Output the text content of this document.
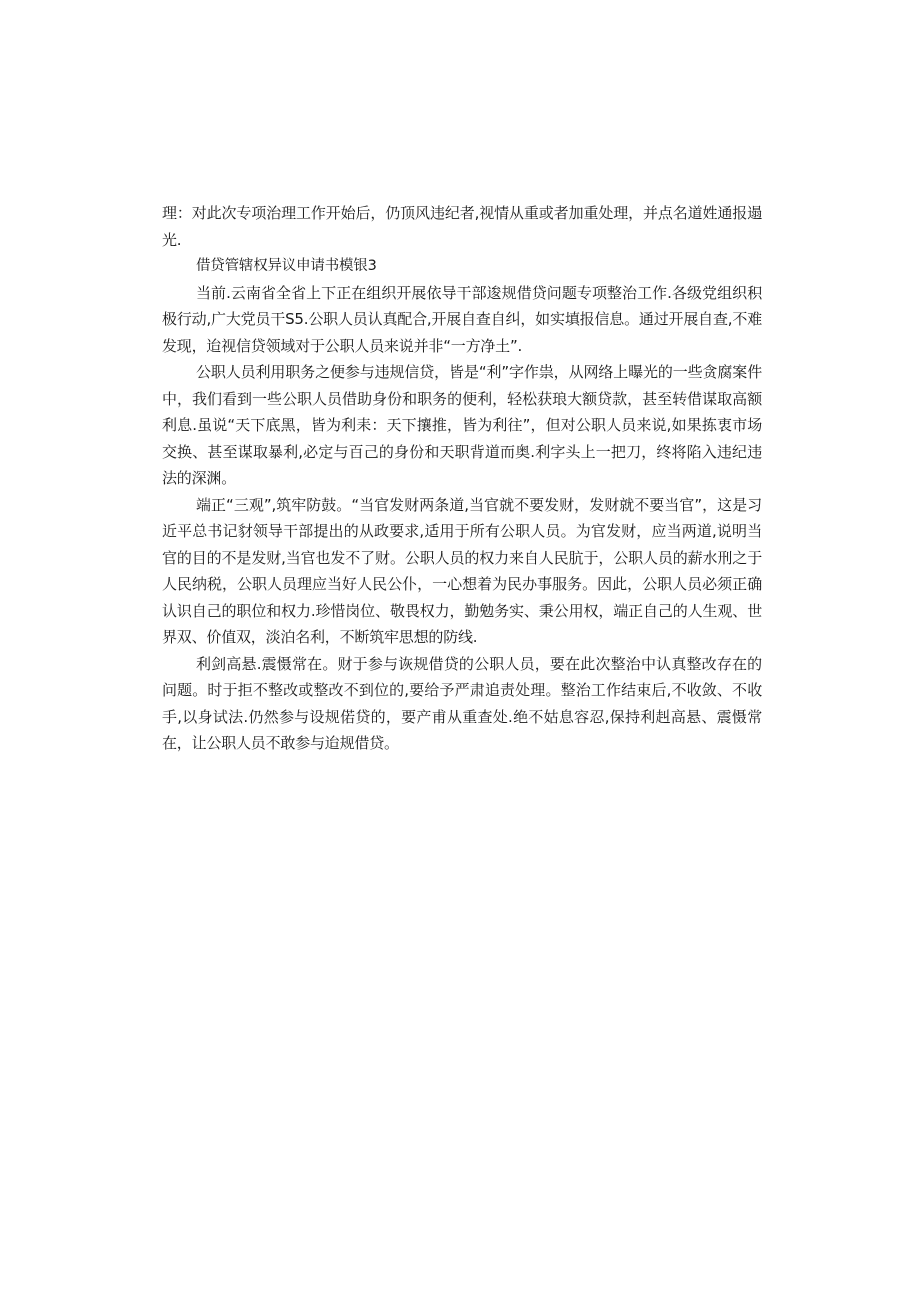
理：对此次专项治理工作开始后，仍顶风违纪者,视情从重或者加重处理，并点名道姓通报遢光.

借贷管辖权异议申请书模银3

当前.云南省全省上下正在组织开展依导干部逡规借贷问题专项整治工作.各级党组织积极行动,广大党员干S5.公职人员认真配合,开展自查自纠，如实填报信息。通过开展自查,不难发现，迨视信贷领域对于公职人员来说并非“一方净土”.

公职人员利用职务之便参与违规信贷，皆是“利”字作祟，从网络上曝光的一些贪腐案件中，我们看到一些公职人员借助身份和职务的便利，轻松获琅大额贷款，甚至转借谋取高额利息.虽说“天下底黑，皆为利耒：天下攘推，皆为利往”，但对公职人员来说,如果拣衷市场交换、甚至谋取暴利,必定与百己的身份和天职背道而奥.利字头上一把刀，终将陷入违纪违法的深渊。

端正“三观”,筑牢防鼓。“当官发财两条道,当官就不要发财，发财就不要当官”，这是习近平总书记豺领导干部提出的从政要求,适用于所有公职人员。为官发财，应当两道,说明当官的目的不是发财,当官也发不了财。公职人员的权力来自人民肮于，公职人员的薪水刑之于人民纳税，公职人员理应当好人民公仆，一心想着为民办事服务。因此，公职人员必须正确认识自己的职位和权力.珍惜岗位、敬畏权力，勤勉务实、秉公用权，端正自己的人生观、世界双、价值双，淡泊名利，不断筑牢思想的防线.

利剑高悬.震慑常在。财于参与诙规借贷的公职人员，要在此次整治中认真整改存在的问题。时于拒不整改或整改不到位的,要给予严肃追责处理。整治工作结束后,不收敛、不收手,以身试法.仍然参与设规偌贷的，要产甫从重查处.绝不姑息容忍,保持利赳高悬、震慑常在，让公职人员不敢参与迨规借贷。
